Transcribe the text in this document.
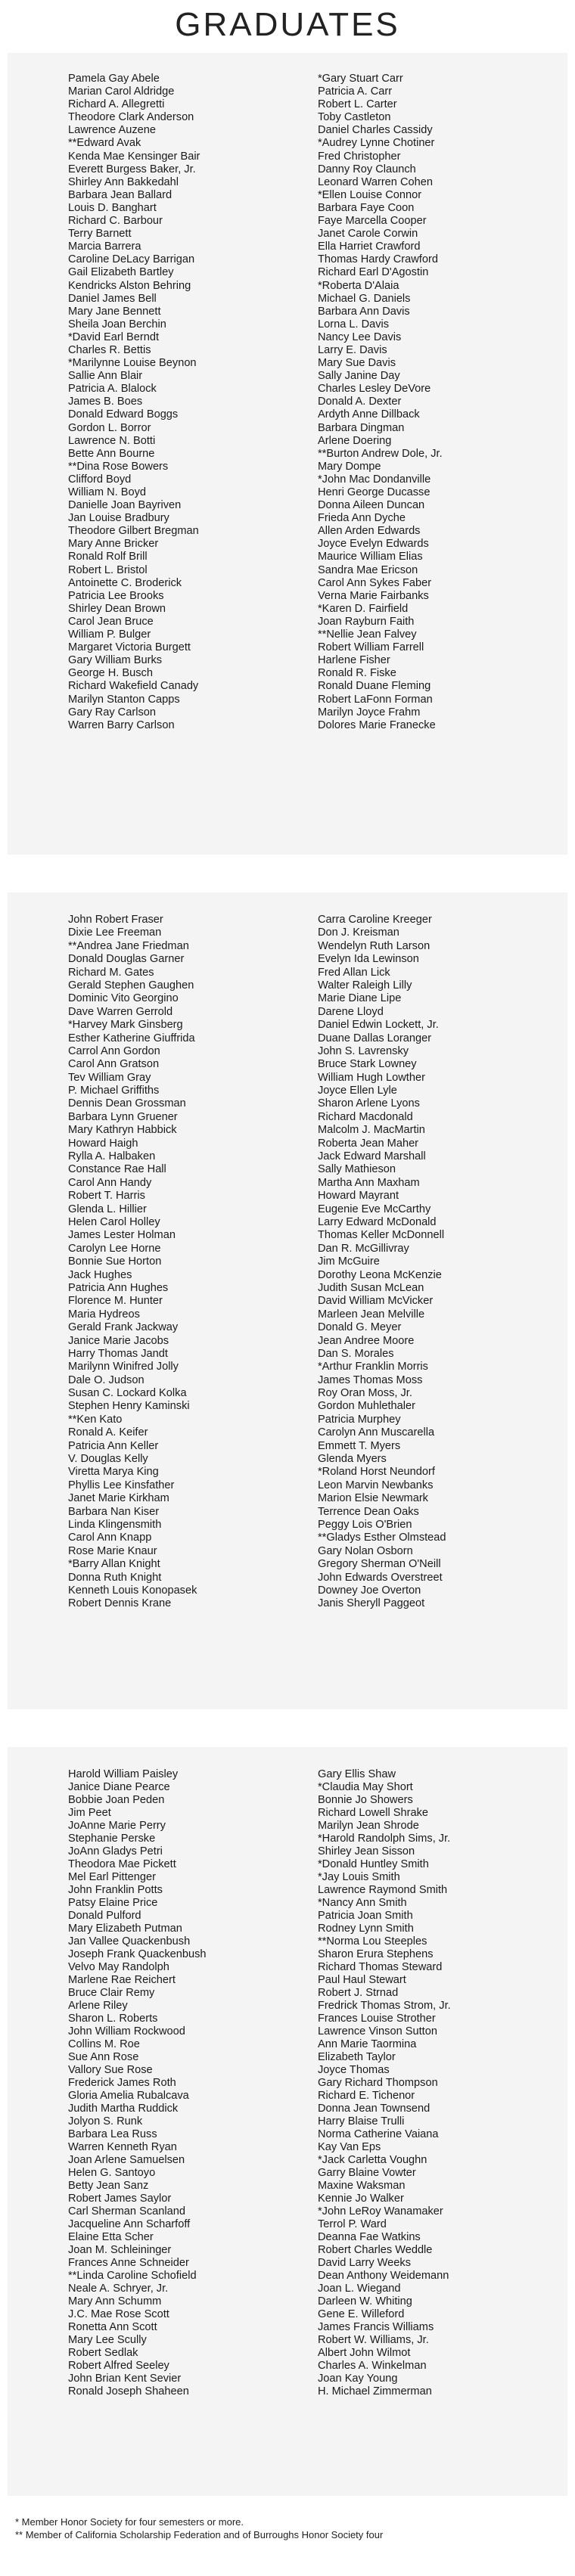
GRADUATES
Pamela Gay Abele
Marian Carol Aldridge
Richard A. Allegretti
Theodore Clark Anderson
Lawrence Auzene
**Edward Avak
Kenda Mae Kensinger Bair
Everett Burgess Baker, Jr.
Shirley Ann Bakkedahl
Barbara Jean Ballard
Louis D. Banghart
Richard C. Barbour
Terry Barnett
Marcia Barrera
Caroline DeLacy Barrigan
Gail Elizabeth Bartley
Kendricks Alston Behring
Daniel James Bell
Mary Jane Bennett
Sheila Joan Berchin
*David Earl Berndt
Charles R. Bettis
*Marilynne Louise Beynon
Sallie Ann Blair
Patricia A. Blalock
James B. Boes
Donald Edward Boggs
Gordon L. Borror
Lawrence N. Botti
Bette Ann Bourne
**Dina Rose Bowers
Clifford Boyd
William N. Boyd
Danielle Joan Bayriven
Jan Louise Bradbury
Theodore Gilbert Bregman
Mary Anne Bricker
Ronald Rolf Brill
Robert L. Bristol
Antoinette C. Broderick
Patricia Lee Brooks
Shirley Dean Brown
Carol Jean Bruce
William P. Bulger
Margaret Victoria Burgett
Gary William Burks
George H. Busch
Richard Wakefield Canady
Marilyn Stanton Capps
Gary Ray Carlson
Warren Barry Carlson
*Gary Stuart Carr
Patricia A. Carr
Robert L. Carter
Toby Castleton
Daniel Charles Cassidy
*Audrey Lynne Chotiner
Fred Christopher
Danny Roy Claunch
Leonard Warren Cohen
*Ellen Louise Connor
Barbara Faye Coon
Faye Marcella Cooper
Janet Carole Corwin
Ella Harriet Crawford
Thomas Hardy Crawford
Richard Earl D'Agostin
*Roberta D'Alaia
Michael G. Daniels
Barbara Ann Davis
Lorna L. Davis
Nancy Lee Davis
Larry E. Davis
Mary Sue Davis
Sally Janine Day
Charles Lesley DeVore
Donald A. Dexter
Ardyth Anne Dillback
Barbara Dingman
Arlene Doering
**Burton Andrew Dole, Jr.
Mary Dompe
*John Mac Dondanville
Henri George Ducasse
Donna Aileen Duncan
Frieda Ann Dyche
Allen Arden Edwards
Joyce Evelyn Edwards
Maurice William Elias
Sandra Mae Ericson
Carol Ann Sykes Faber
Verna Marie Fairbanks
*Karen D. Fairfield
Joan Rayburn Faith
**Nellie Jean Falvey
Robert William Farrell
Harlene Fisher
Ronald R. Fiske
Ronald Duane Fleming
Robert LaFonn Forman
Marilyn Joyce Frahm
Dolores Marie Franecke
John Robert Fraser
Dixie Lee Freeman
**Andrea Jane Friedman
Donald Douglas Garner
Richard M. Gates
Gerald Stephen Gaughen
Dominic Vito Georgino
Dave Warren Gerrold
*Harvey Mark Ginsberg
Esther Katherine Giuffrida
Carrol Ann Gordon
Carol Ann Gratson
Tev William Gray
P. Michael Griffiths
Dennis Dean Grossman
Barbara Lynn Gruener
Mary Kathryn Habbick
Howard Haigh
Rylla A. Halbaken
Constance Rae Hall
Carol Ann Handy
Robert T. Harris
Glenda L. Hillier
Helen Carol Holley
James Lester Holman
Carolyn Lee Horne
Bonnie Sue Horton
Jack Hughes
Patricia Ann Hughes
Florence M. Hunter
Maria Hydreos
Gerald Frank Jackway
Janice Marie Jacobs
Harry Thomas Jandt
Marilynn Winifred Jolly
Dale O. Judson
Susan C. Lockard Kolka
Stephen Henry Kaminski
**Ken Kato
Ronald A. Keifer
Patricia Ann Keller
V. Douglas Kelly
Viretta Marya King
Phyllis Lee Kinsfather
Janet Marie Kirkham
Barbara Nan Kiser
Linda Klingensmith
Carol Ann Knapp
Rose Marie Knaur
*Barry Allan Knight
Donna Ruth Knight
Kenneth Louis Konopasek
Robert Dennis Krane
Carra Caroline Kreeger
Don J. Kreisman
Wendelyn Ruth Larson
Evelyn Ida Lewinson
Fred Allan Lick
Walter Raleigh Lilly
Marie Diane Lipe
Darene Lloyd
Daniel Edwin Lockett, Jr.
Duane Dallas Loranger
John S. Lavrensky
Bruce Stark Lowney
William Hugh Lowther
Joyce Ellen Lyle
Sharon Arlene Lyons
Richard Macdonald
Malcolm J. MacMartin
Roberta Jean Maher
Jack Edward Marshall
Sally Mathieson
Martha Ann Maxham
Howard Mayrant
Eugenie Eve McCarthy
Larry Edward McDonald
Thomas Keller McDonnell
Dan R. McGillivray
Jim McGuire
Dorothy Leona McKenzie
Judith Susan McLean
David William McVicker
Marleen Jean Melville
Donald G. Meyer
Jean Andree Moore
Dan S. Morales
*Arthur Franklin Morris
James Thomas Moss
Roy Oran Moss, Jr.
Gordon Muhlethaler
Patricia Murphey
Carolyn Ann Muscarella
Emmett T. Myers
Glenda Myers
*Roland Horst Neundorf
Leon Marvin Newbanks
Marion Elsie Newmark
Terrence Dean Oaks
Peggy Lois O'Brien
**Gladys Esther Olmstead
Gary Nolan Osborn
Gregory Sherman O'Neill
John Edwards Overstreet
Downey Joe Overton
Janis Sheryll Paggeot
Harold William Paisley
Janice Diane Pearce
Bobbie Joan Peden
Jim Peet
JoAnne Marie Perry
Stephanie Perske
JoAnn Gladys Petri
Theodora Mae Pickett
Mel Earl Pittenger
John Franklin Potts
Patsy Elaine Price
Donald Pulford
Mary Elizabeth Putman
Jan Vallee Quackenbush
Joseph Frank Quackenbush
Velvo May Randolph
Marlene Rae Reichert
Bruce Clair Remy
Arlene Riley
Sharon L. Roberts
John William Rockwood
Collins M. Roe
Sue Ann Rose
Vallory Sue Rose
Frederick James Roth
Gloria Amelia Rubalcava
Judith Martha Ruddick
Jolyon S. Runk
Barbara Lea Russ
Warren Kenneth Ryan
Joan Arlene Samuelsen
Helen G. Santoyo
Betty Jean Sanz
Robert James Saylor
Carl Sherman Scanland
Jacqueline Ann Scharfoff
Elaine Etta Scher
Joan M. Schleininger
Frances Anne Schneider
**Linda Caroline Schofield
Neale A. Schryer, Jr.
Mary Ann Schumm
J.C. Mae Rose Scott
Ronetta Ann Scott
Mary Lee Scully
Robert Sedlak
Robert Alfred Seeley
John Brian Kent Sevier
Ronald Joseph Shaheen
Gary Ellis Shaw
*Claudia May Short
Bonnie Jo Showers
Richard Lowell Shrake
Marilyn Jean Shrode
*Harold Randolph Sims, Jr.
Shirley Jean Sisson
*Donald Huntley Smith
*Jay Louis Smith
Lawrence Raymond Smith
*Nancy Ann Smith
Patricia Joan Smith
Rodney Lynn Smith
**Norma Lou Steeples
Sharon Erura Stephens
Richard Thomas Steward
Paul Haul Stewart
Robert J. Strnad
Fredrick Thomas Strom, Jr.
Frances Louise Strother
Lawrence Vinson Sutton
Ann Marie Taormina
Elizabeth Taylor
Joyce Thomas
Gary Richard Thompson
Richard E. Tichenor
Donna Jean Townsend
Harry Blaise Trulli
Norma Catherine Vaiana
Kay Van Eps
*Jack Carletta Voughn
Garry Blaine Vowter
Maxine Waksman
Kennie Jo Walker
*John LeRoy Wanamaker
Terrol P. Ward
Deanna Fae Watkins
Robert Charles Weddle
David Larry Weeks
Dean Anthony Weidemann
Joan L. Wiegand
Darleen W. Whiting
Gene E. Willeford
James Francis Williams
Robert W. Williams, Jr.
Albert John Wilmot
Charles A. Winkelman
Joan Kay Young
H. Michael Zimmerman
* Member Honor Society for four semesters or more.
** Member of California Scholarship Federation and of Burroughs Honor Society four
